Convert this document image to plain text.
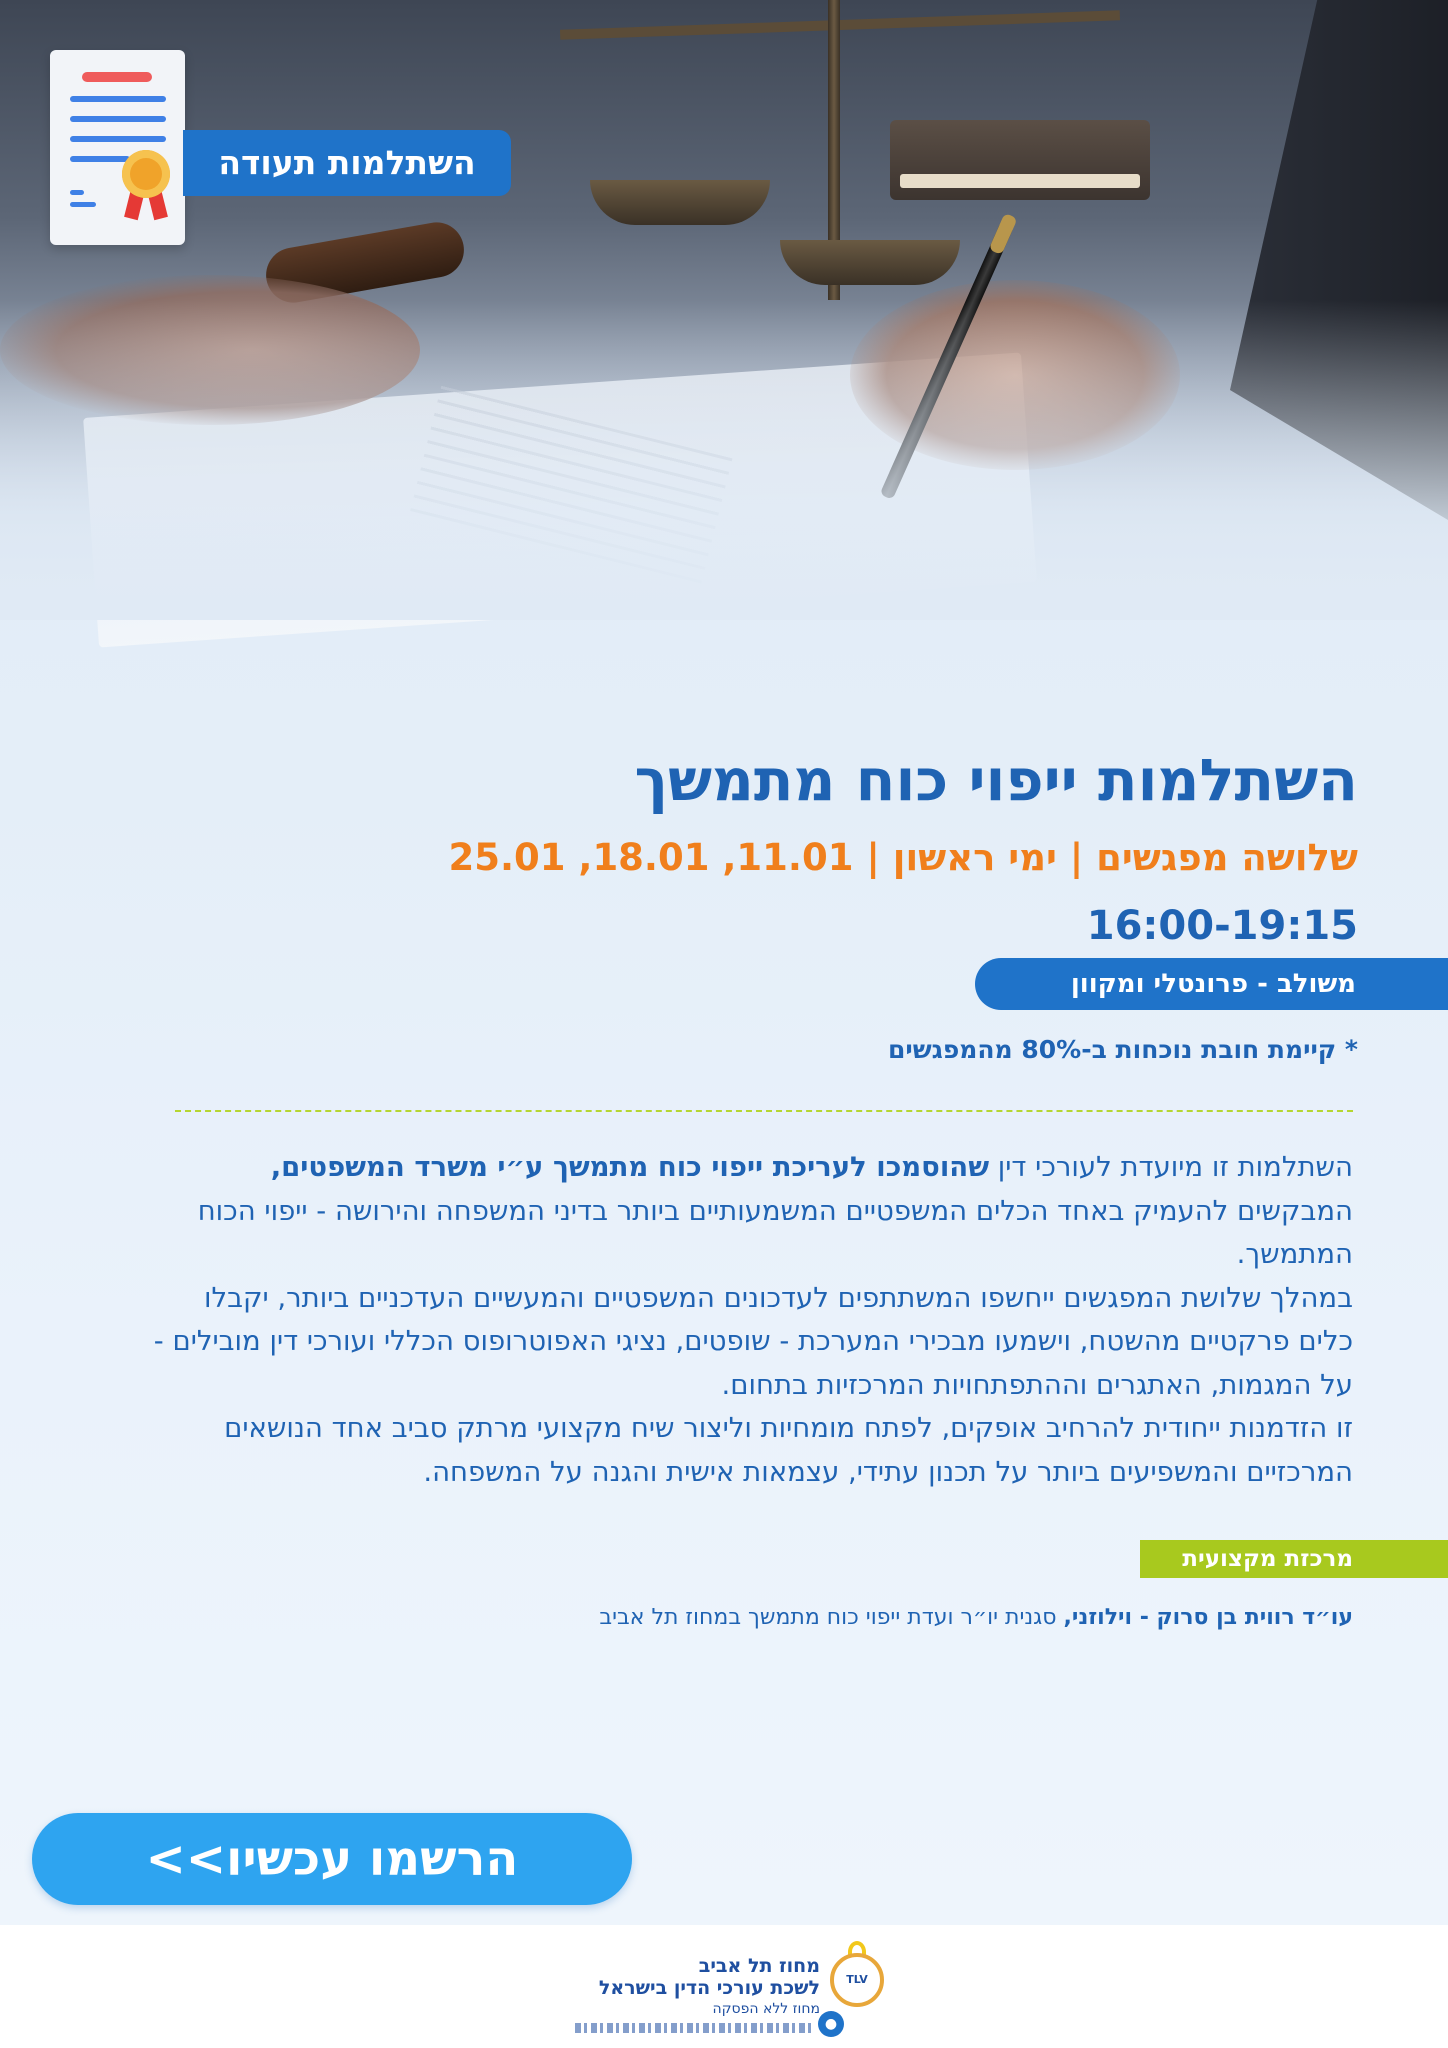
השתלמות תעודה
השתלמות ייפוי כוח מתמשך
שלושה מפגשים | ימי ראשון | 11.01, 18.01, 25.01
16:00-19:15
משולב - פרונטלי ומקוון
* קיימת חובת נוכחות ב-80% מהמפגשים

השתלמות זו מיועדת לעורכי דין שהוסמכו לעריכת ייפוי כוח מתמשך ע״י משרד המשפטים, המבקשים להעמיק באחד הכלים המשפטיים המשמעותיים ביותר בדיני המשפחה והירושה - ייפוי הכוח המתמשך.

במהלך שלושת המפגשים ייחשפו המשתתפים לעדכונים המשפטיים והמעשיים העדכניים ביותר, יקבלו כלים פרקטיים מהשטח, וישמעו מבכירי המערכת - שופטים, נציגי האפוטרופוס הכללי ועורכי דין מובילים - על המגמות, האתגרים וההתפתחויות המרכזיות בתחום.

זו הזדמנות ייחודית להרחיב אופקים, לפתח מומחיות וליצור שיח מקצועי מרתק סביב אחד הנושאים המרכזיים והמשפיעים ביותר על תכנון עתידי, עצמאות אישית והגנה על המשפחה.

מרכזת מקצועית
עו״ד רווית בן סרוק - וילוזני, סגנית יו״ר ועדת ייפוי כוח מתמשך במחוז תל אביב
הרשמו עכשיו>>
מחוז תל אביב
לשכת עורכי הדין בישראל
מחוז ללא הפסקה
TLV
●
